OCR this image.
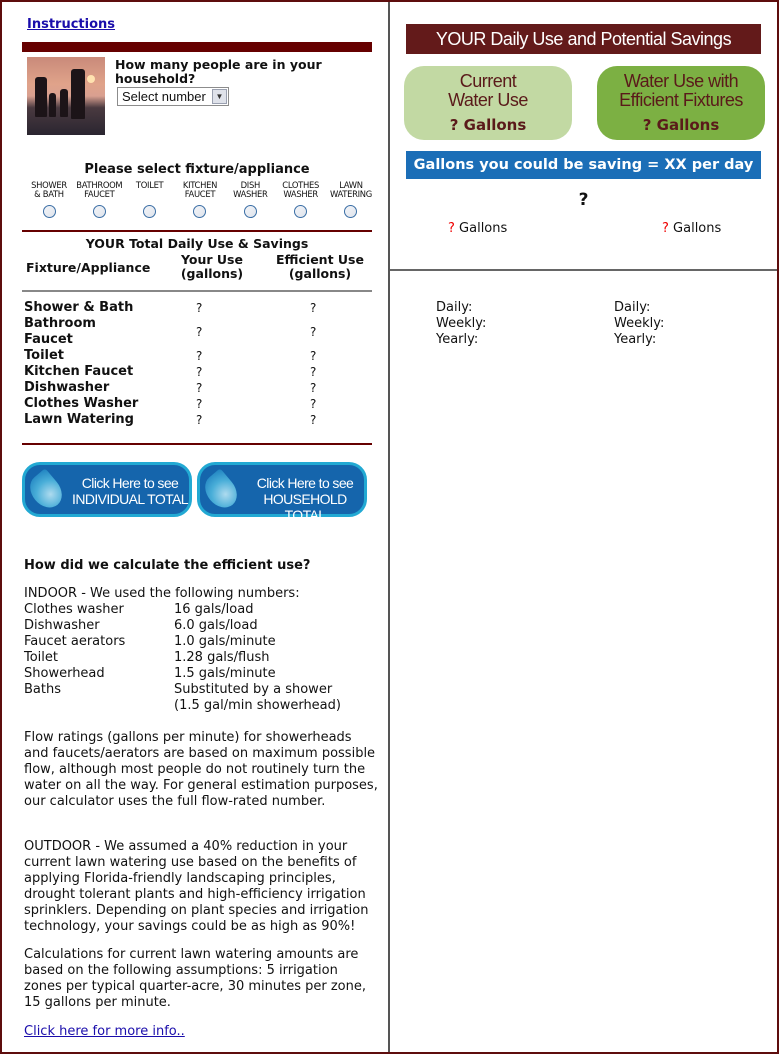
Instructions
How many people are in your household?
Select number	▼
Please select fixture/appliance
SHOWER
& BATH
BATHROOM
FAUCET
TOILET KITCHEN
FAUCET
DISH
WASHER
CLOTHES
WASHER
LAWN
WATERING
YOUR Total Daily Use & Savings
Fixture/Appliance
Your Use
(gallons)
Efficient Use
(gallons)
Shower & Bath	?	?
Bathroom Faucet	?	?
Toilet	?	?
Kitchen Faucet	?	?
Dishwasher	?	?
Clothes Washer	?	?
Lawn Watering	?	?
Click Here to see
INDIVIDUAL TOTAL
Click Here to see
HOUSEHOLD TOTAL
How did we calculate the efficient use?
INDOOR - We used the following numbers:
Clothes washer	16 gals/load
Dishwasher	6.0 gals/load
Faucet aerators	1.0 gals/minute
Toilet	1.28 gals/flush
Showerhead	1.5 gals/minute
Baths	Substituted by a shower
(1.5 gal/min showerhead)
Flow ratings (gallons per minute) for showerheads and faucets/aerators are based on maximum possible flow, although most people do not routinely turn the water on all the way. For general estimation purposes, our calculator uses the full flow-rated number.
OUTDOOR - We assumed a 40% reduction in your current lawn watering use based on the benefits of applying Florida-friendly landscaping principles, drought tolerant plants and high-efficiency irrigation sprinklers. Depending on plant species and irrigation technology, your savings could be as high as 90%!
Calculations for current lawn watering amounts are based on the following assumptions: 5 irrigation zones per typical quarter-acre, 30 minutes per zone, 15 gallons per minute.
Click here for more info..
YOUR Daily Use and Potential Savings
Current
Water Use
? Gallons
Water Use with
Efficient Fixtures
? Gallons
Gallons you could be saving = XX per day
?
? Gallons	? Gallons
Daily:
Weekly:
Yearly:
Daily:
Weekly:
Yearly:
